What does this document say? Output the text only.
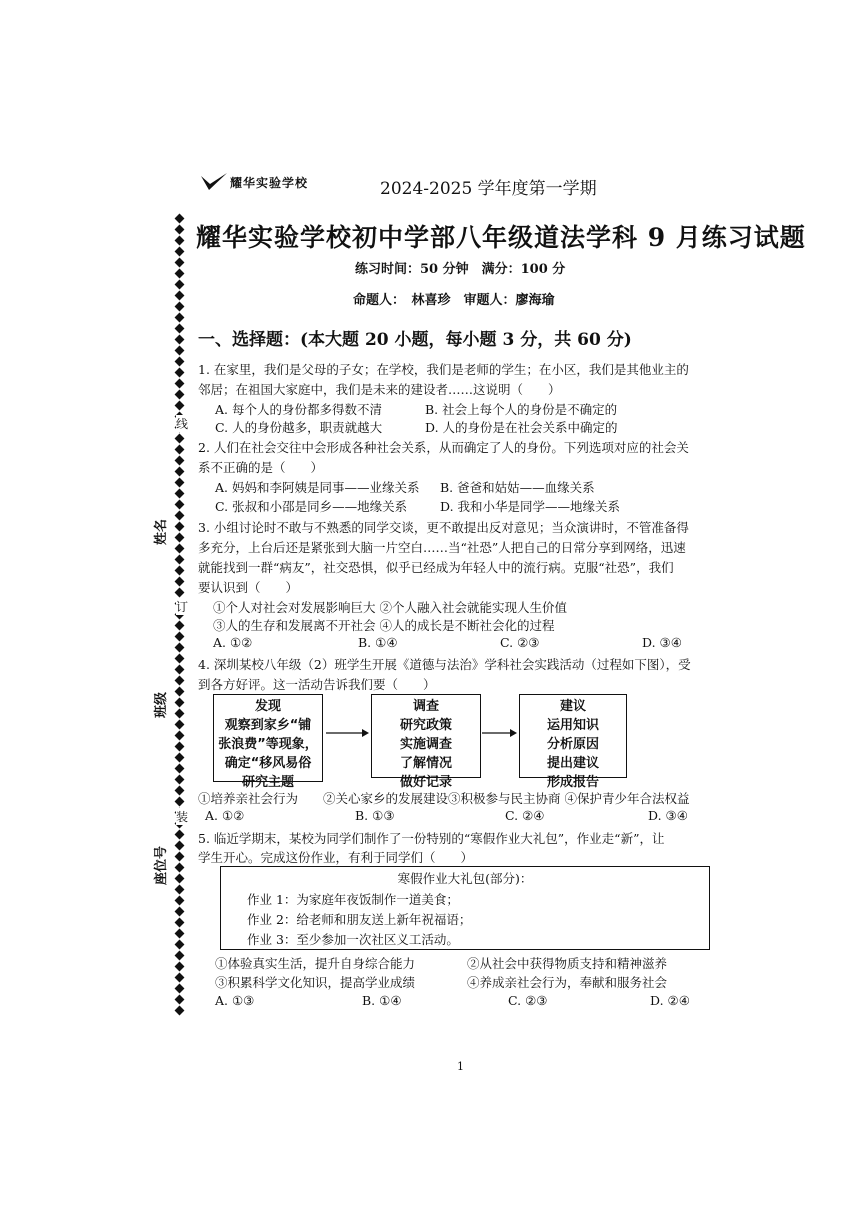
耀华实验学校	2024-2025 学年度第一学期
耀华实验学校初中学部八年级道法学科 9 月练习试题
练习时间：50 分钟　满分：100 分
命题人：　林喜珍　审题人：廖海瑜
姓名
班级
座位号
线
订
装
一、选择题：(本大题 20 小题，每小题 3 分，共 60 分)
1. 在家里，我们是父母的子女；在学校，我们是老师的学生；在小区，我们是其他业主的
邻居；在祖国大家庭中，我们是未来的建设者……这说明（　　）
A. 每个人的身份都多得数不清	B. 社会上每个人的身份是不确定的
C. 人的身份越多，职责就越大	D. 人的身份是在社会关系中确定的
2. 人们在社会交往中会形成各种社会关系，从而确定了人的身份。下列选项对应的社会关
系不正确的是（　　）
A. 妈妈和李阿姨是同事——业缘关系 B. 爸爸和姑姑——血缘关系
C. 张叔和小邵是同乡——地缘关系	D. 我和小华是同学——地缘关系
3. 小组讨论时不敢与不熟悉的同学交谈，更不敢提出反对意见；当众演讲时，不管准备得
多充分，上台后还是紧张到大脑一片空白……当“社恐”人把自己的日常分享到网络，迅速
就能找到一群“病友”，社交恐惧，似乎已经成为年轻人中的流行病。克服“社恐”，我们
要认识到（　　）
①个人对社会对发展影响巨大 ②个人融入社会就能实现人生价值
③人的生存和发展离不开社会 ④人的成长是不断社会化的过程
A. ①②	B. ①④	C. ②③	D. ③④
4. 深圳某校八年级（2）班学生开展《道德与法治》学科社会实践活动（过程如下图），受
到各方好评。这一活动告诉我们要（　　）
发现
观察到家乡“铺
张浪费”等现象，
确定“移风易俗
研究主题
调查
研究政策
实施调查
了解情况
做好记录
建议
运用知识
分析原因
提出建议
形成报告
①培养亲社会行为　　②关心家乡的发展建设③积极参与民主协商 ④保护青少年合法权益
A. ①②	B. ①③	C. ②④	D. ③④
5. 临近学期末，某校为同学们制作了一份特别的“寒假作业大礼包”，作业走“新”，让
学生开心。完成这份作业，有利于同学们（　　）
寒假作业大礼包(部分)：
作业 1：为家庭年夜饭制作一道美食；
作业 2：给老师和朋友送上新年祝福语；
作业 3：至少参加一次社区义工活动。
①体验真实生活，提升自身综合能力	②从社会中获得物质支持和精神滋养
③积累科学文化知识，提高学业成绩	④养成亲社会行为，奉献和服务社会
A. ①③	B. ①④	C. ②③	D. ②④
1
